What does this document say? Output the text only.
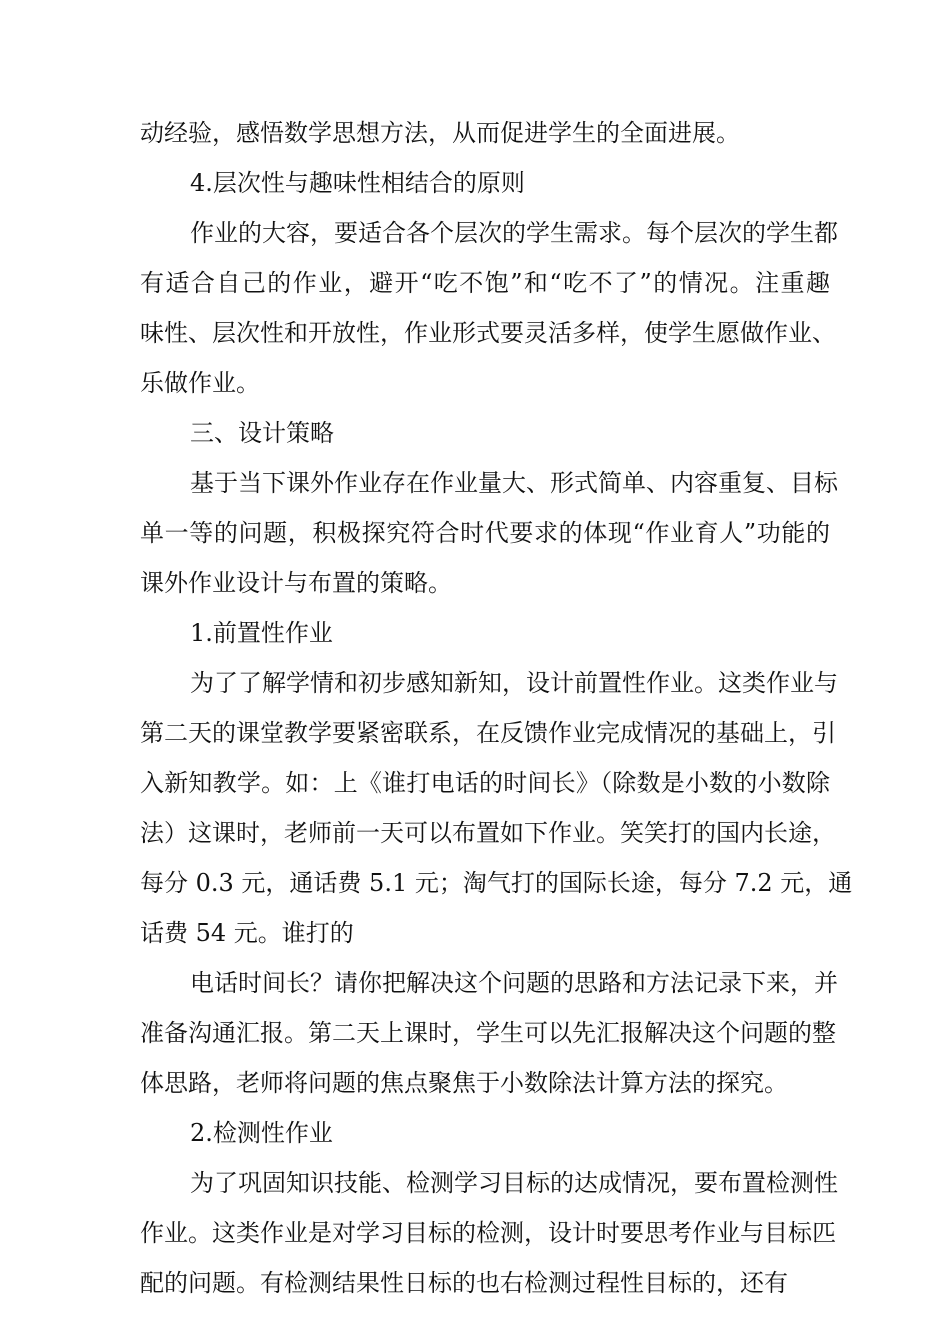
动经验，感悟数学思想方法，从而促进学生的全面进展。
4.层次性与趣味性相结合的原则
作业的大容，要适合各个层次的学生需求。每个层次的学生都
有适合自己的作业，避开“吃不饱”和“吃不了”的情况。注重趣
味性、层次性和开放性，作业形式要灵活多样，使学生愿做作业、
乐做作业。
三、设计策略
基于当下课外作业存在作业量大、形式简单、内容重复、目标
单一等的问题，积极探究符合时代要求的体现“作业育人”功能的
课外作业设计与布置的策略。
1.前置性作业
为了了解学情和初步感知新知，设计前置性作业。这类作业与
第二天的课堂教学要紧密联系，在反馈作业完成情况的基础上，引
入新知教学。如：上《谁打电话的时间长》（除数是小数的小数除
法）这课时，老师前一天可以布置如下作业。笑笑打的国内长途，
每分 0.3 元，通话费 5.1 元；淘气打的国际长途，每分 7.2 元，通
话费 54 元。谁打的
电话时间长？请你把解决这个问题的思路和方法记录下来，并
准备沟通汇报。第二天上课时，学生可以先汇报解决这个问题的整
体思路，老师将问题的焦点聚焦于小数除法计算方法的探究。
2.检测性作业
为了巩固知识技能、检测学习目标的达成情况，要布置检测性
作业。这类作业是对学习目标的检测，设计时要思考作业与目标匹
配的问题。有检测结果性日标的也右检测过程性目标的，还有
